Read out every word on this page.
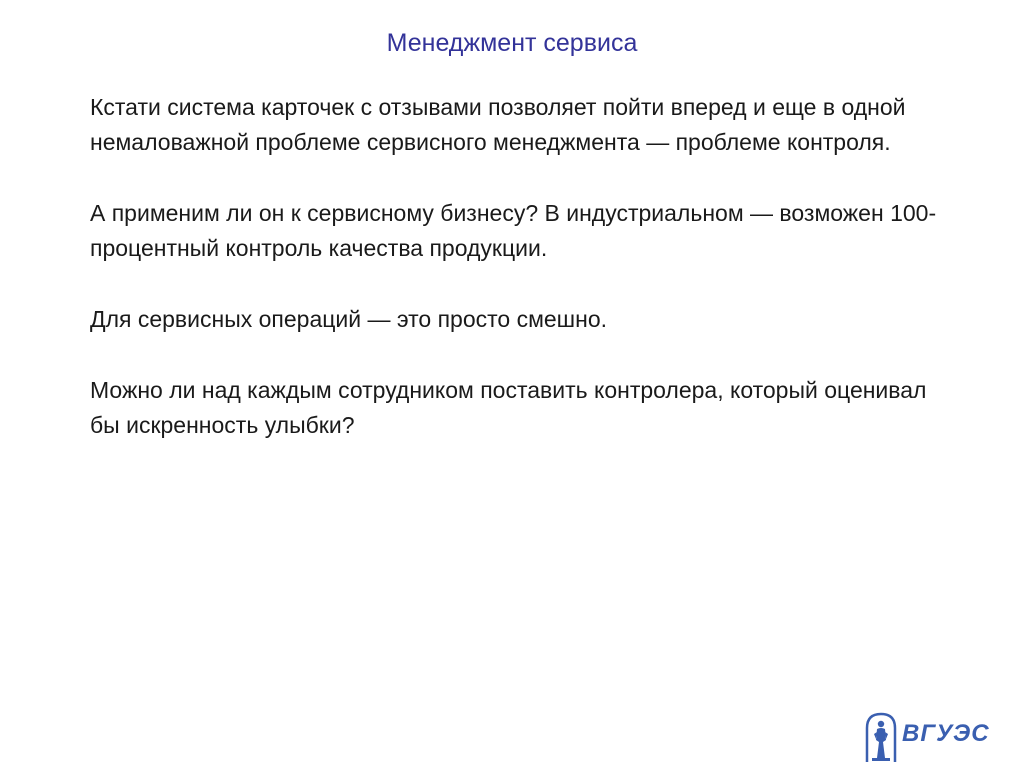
Менеджмент сервиса

Кстати система карточек с отзывами позволяет пойти вперед и еще в одной немаловажной проблеме сервисного менеджмента — проблеме контроля.

А применим ли он к сервисному бизнесу? В индустриальном — возможен 100-процентный контроль качества продукции.

Для сервисных операций — это просто смешно.

Можно ли над каждым сотрудником поставить контролера, который оценивал бы искренность улыбки?

ВГУЭС
